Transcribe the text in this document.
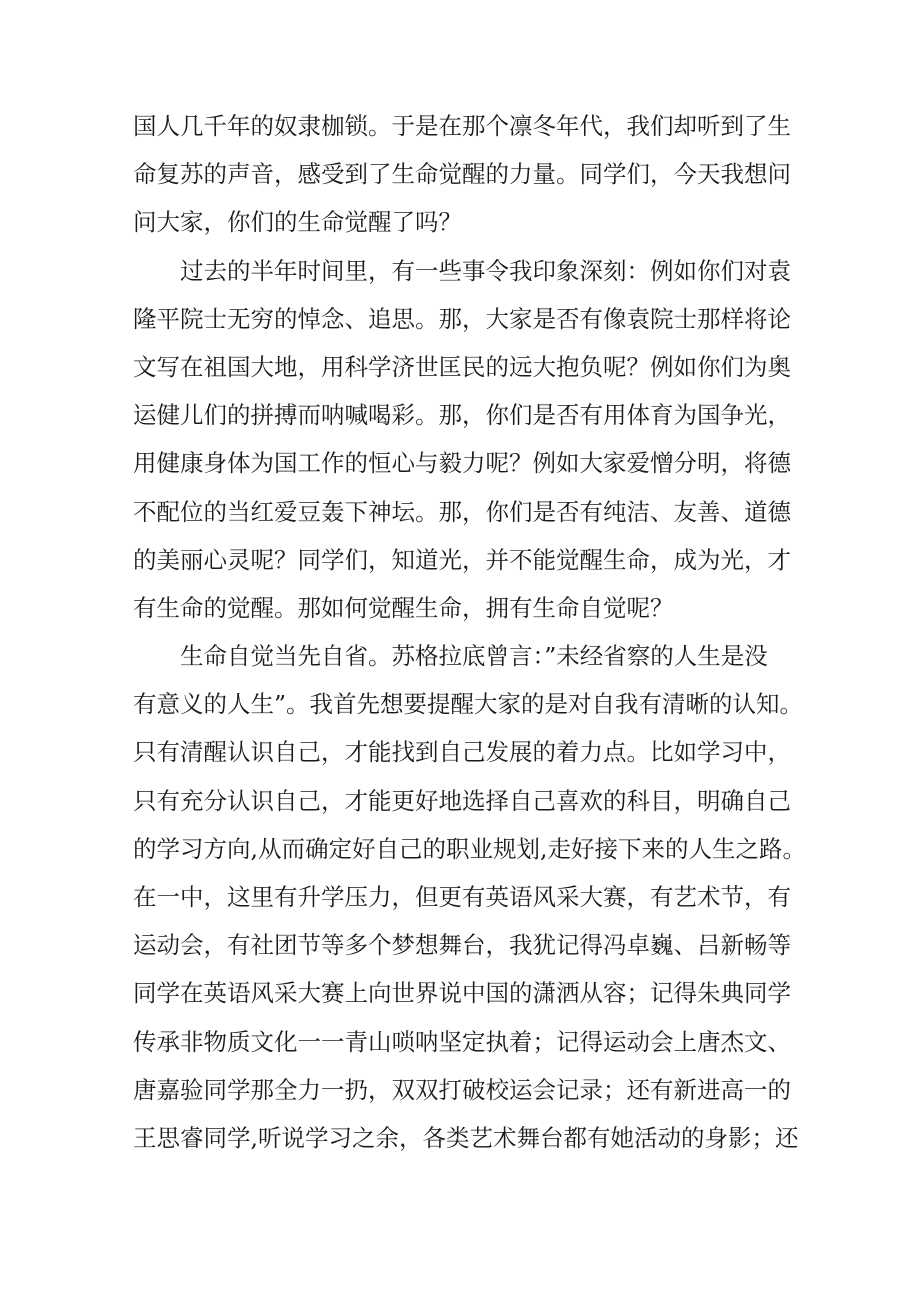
国人几千年的奴隶枷锁。于是在那个凛冬年代，我们却听到了生
命复苏的声音，感受到了生命觉醒的力量。同学们，今天我想问
问大家，你们的生命觉醒了吗？
过去的半年时间里，有一些事令我印象深刻：例如你们对袁
隆平院士无穷的悼念、追思。那，大家是否有像袁院士那样将论
文写在祖国大地，用科学济世匡民的远大抱负呢？例如你们为奥
运健儿们的拼搏而呐喊喝彩。那，你们是否有用体育为国争光，
用健康身体为国工作的恒心与毅力呢？例如大家爱憎分明，将德
不配位的当红爱豆轰下神坛。那，你们是否有纯洁、友善、道德
的美丽心灵呢？同学们，知道光，并不能觉醒生命，成为光，才
有生命的觉醒。那如何觉醒生命，拥有生命自觉呢？
生命自觉当先自省。苏格拉底曾言：”未经省察的人生是没
有意义的人生”。我首先想要提醒大家的是对自我有清晰的认知。
只有清醒认识自己，才能找到自己发展的着力点。比如学习中，
只有充分认识自己，才能更好地选择自己喜欢的科目，明确自己
的学习方向,从而确定好自己的职业规划,走好接下来的人生之路。
在一中，这里有升学压力，但更有英语风采大赛，有艺术节，有
运动会，有社团节等多个梦想舞台，我犹记得冯卓巍、吕新畅等
同学在英语风采大赛上向世界说中国的潇洒从容；记得朱典同学
传承非物质文化一一青山唢呐坚定执着；记得运动会上唐杰文、
唐嘉验同学那全力一扔，双双打破校运会记录；还有新进高一的
王思睿同学,听说学习之余，各类艺术舞台都有她活动的身影；还
